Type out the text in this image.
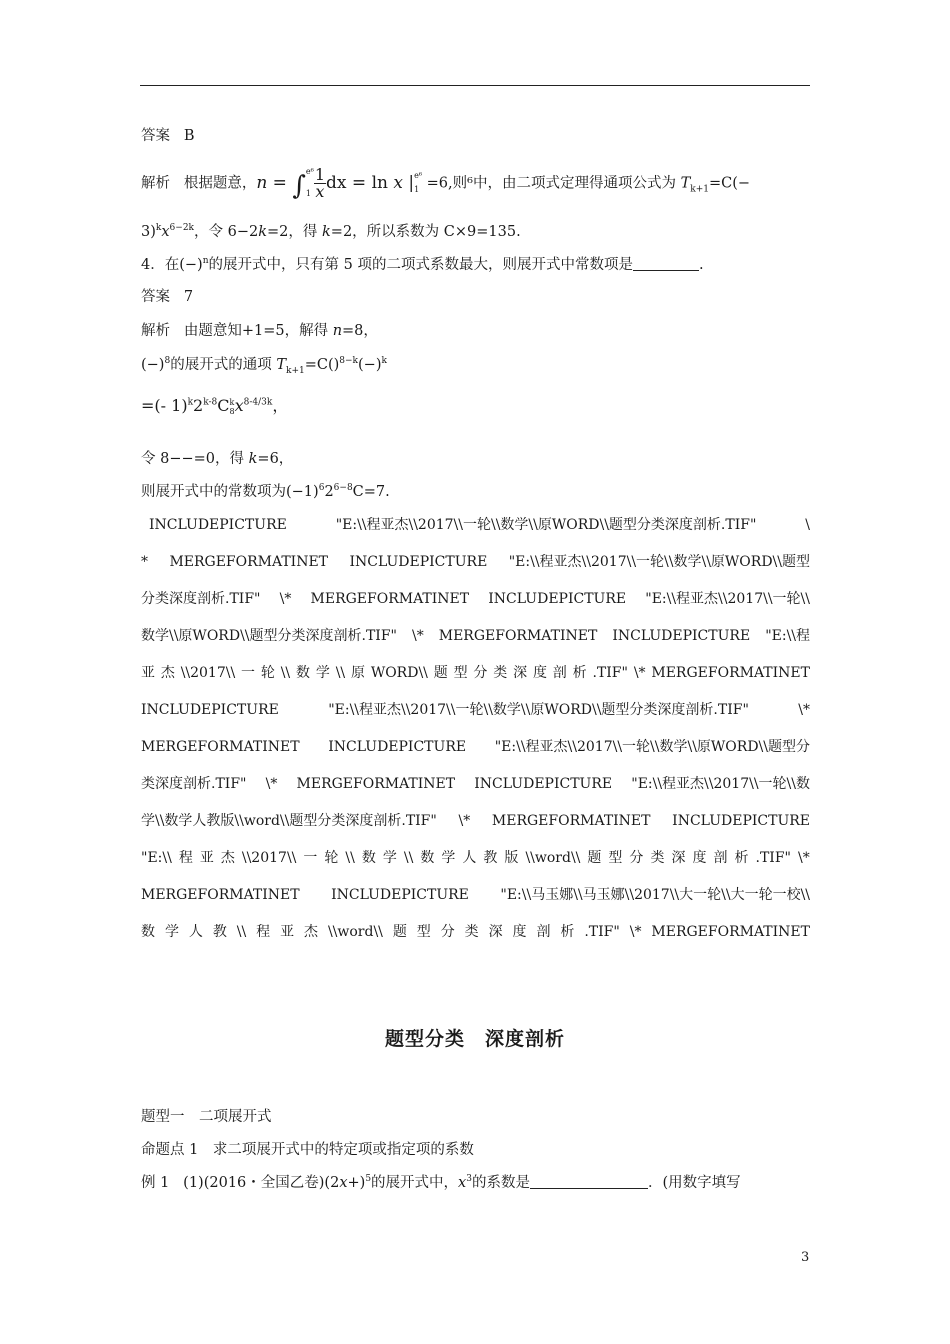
答案 B
解析 根据题意，n = ∫ e⁶
$1 \frac{1}{x}$ dx = ln x | e⁶
1 =6,则⁶中，由二项式定理得通项公式为 $T_{k+1}=C(-$
$3)^kx^{6-2k}$，令 6−2k=2，得 k=2，所以系数为 C×9=135.
4．在$(-)^n$的展开式中，只有第 5 项的二项式系数最大，则展开式中常数项是	.
答案 7
解析 由题意知+1=5，解得 n=8，
$(-)^8$的展开式的通项 $T_{k+1}=C()^{8-k}(-)^k$
=(- 1)$^k$2$^{k-8}$C k
8 $x^{8-4/3k}$，
令 8−−=0，得 k=6，
则展开式中的常数项为$(-1)^62^{6-8}C=7$.
INCLUDEPICTURE	"E:\\程亚杰\\2017\\一轮\\数学\\原WORD\\题型分类深度剖析.TIF"	\
* MERGEFORMATINET INCLUDEPICTURE "E:\\程亚杰\\2017\\一轮\\数学\\原WORD\\题型
分类深度剖析.TIF" \* MERGEFORMATINET INCLUDEPICTURE "E:\\程亚杰\\2017\\一轮\\
数学\\原WORD\\题型分类深度剖析.TIF" \* MERGEFORMATINET INCLUDEPICTURE "E:\\程
亚 杰 \\2017\\ 一 轮 \\ 数 学 \\ 原 WORD\\ 题 型 分 类 深 度 剖 析 .TIF" \* MERGEFORMATINET
INCLUDEPICTURE	"E:\\程亚杰\\2017\\一轮\\数学\\原WORD\\题型分类深度剖析.TIF"	\*
MERGEFORMATINET INCLUDEPICTURE "E:\\程亚杰\\2017\\一轮\\数学\\原WORD\\题型分
类深度剖析.TIF" \* MERGEFORMATINET INCLUDEPICTURE "E:\\程亚杰\\2017\\一轮\\数
学\\数学人教版\\word\\题型分类深度剖析.TIF" \* MERGEFORMATINET INCLUDEPICTURE
"E:\\ 程 亚 杰 \\2017\\ 一 轮 \\ 数 学 \\ 数 学 人 教 版 \\word\\ 题 型 分 类 深 度 剖 析 .TIF" \*
MERGEFORMATINET INCLUDEPICTURE "E:\\马玉娜\\马玉娜\\2017\\大一轮\\大一轮一校\\
数 学 人 教 \\ 程 亚 杰 \\word\\ 题 型 分 类 深 度 剖 析 .TIF" \* MERGEFORMATINET
题型分类　深度剖析
题型一　二项展开式
命题点 1　求二项展开式中的特定项或指定项的系数
例 1 (1)(2016・全国乙卷)$(2x+)^5$的展开式中，$x^3$的系数是	．(用数字填写
3
